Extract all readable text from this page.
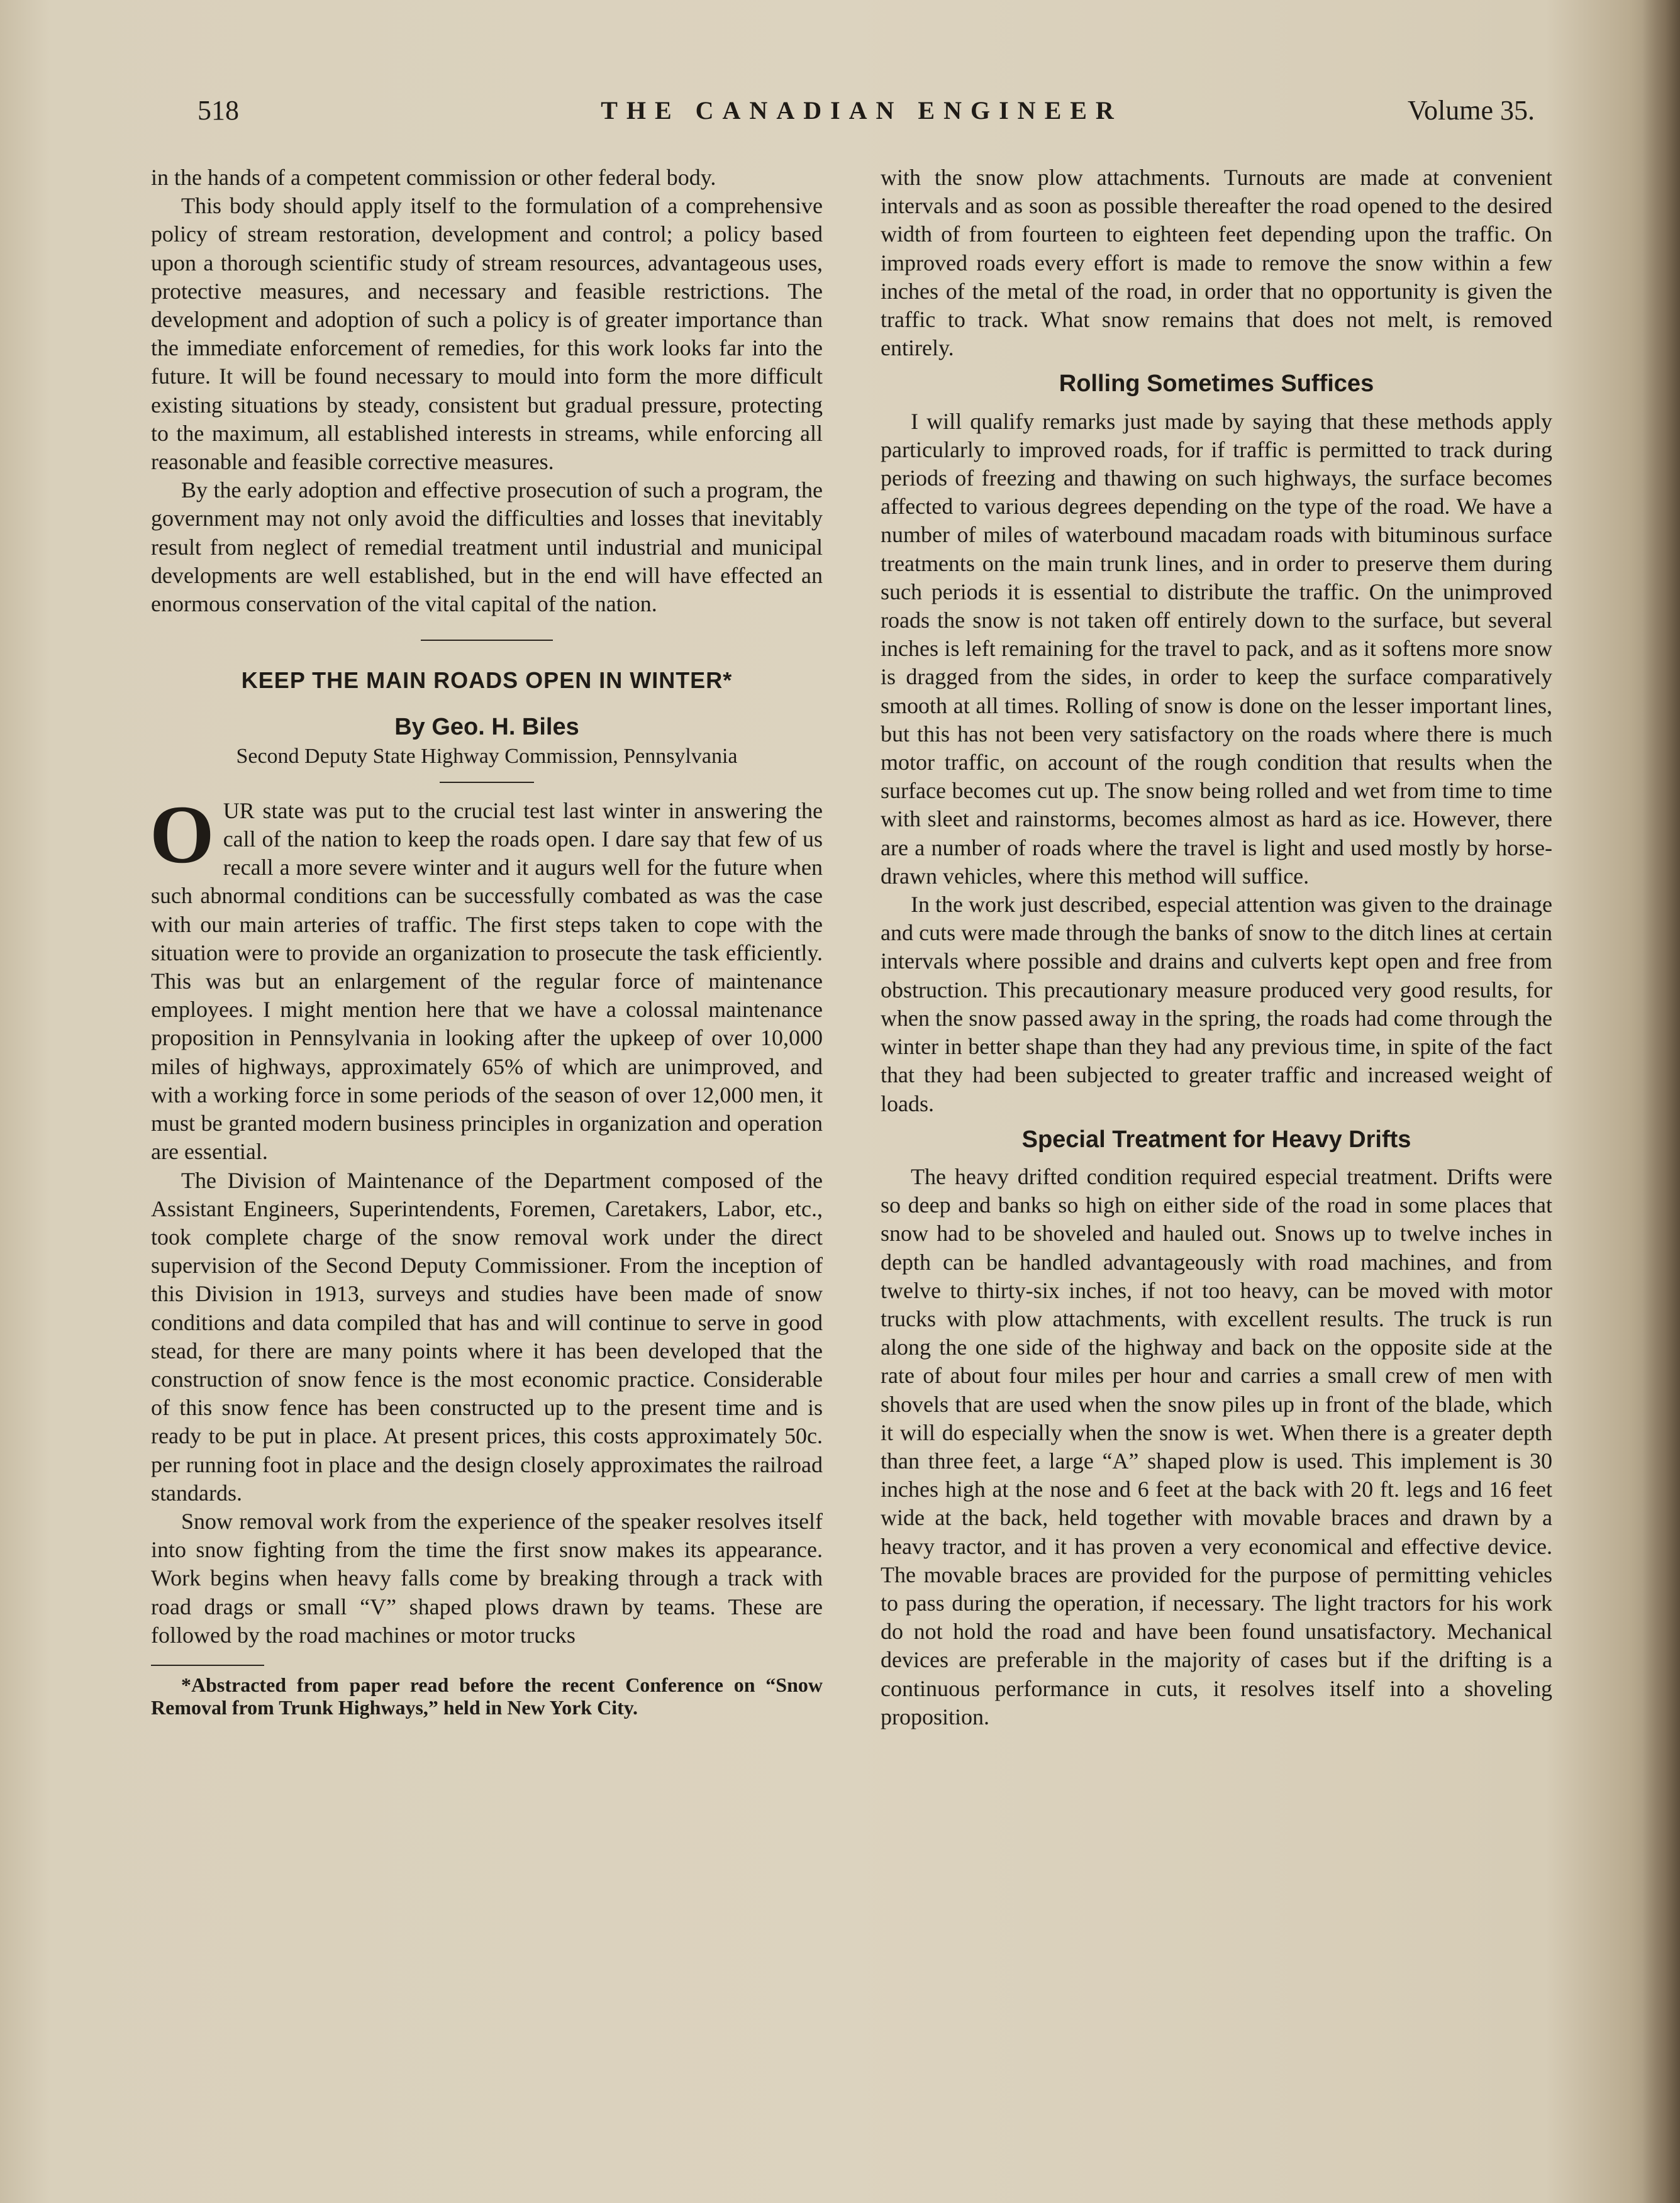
518	THE CANADIAN ENGINEER	Volume 35.

in the hands of a competent commission or other federal body.

This body should apply itself to the formulation of a comprehensive policy of stream restoration, development and control; a policy based upon a thorough scientific study of stream resources, advantageous uses, protective measures, and necessary and feasible restrictions. The development and adoption of such a policy is of greater importance than the immediate enforcement of remedies, for this work looks far into the future. It will be found necessary to mould into form the more difficult existing situations by steady, consistent but gradual pressure, protecting to the maximum, all established interests in streams, while enforcing all reasonable and feasible corrective measures.

By the early adoption and effective prosecution of such a program, the government may not only avoid the difficulties and losses that inevitably result from neglect of remedial treatment until industrial and municipal developments are well established, but in the end will have effected an enormous conservation of the vital capital of the nation.

KEEP THE MAIN ROADS OPEN IN WINTER*
By Geo. H. Biles
Second Deputy State Highway Commission, Pennsylvania

OUR state was put to the crucial test last winter in answering the call of the nation to keep the roads open. I dare say that few of us recall a more severe winter and it augurs well for the future when such abnormal conditions can be successfully combated as was the case with our main arteries of traffic. The first steps taken to cope with the situation were to provide an organization to prosecute the task efficiently. This was but an enlargement of the regular force of maintenance employees. I might mention here that we have a colossal maintenance proposition in Pennsylvania in looking after the upkeep of over 10,000 miles of highways, approximately 65% of which are unimproved, and with a working force in some periods of the season of over 12,000 men, it must be granted modern business principles in organization and operation are essential.

The Division of Maintenance of the Department composed of the Assistant Engineers, Superintendents, Foremen, Caretakers, Labor, etc., took complete charge of the snow removal work under the direct supervision of the Second Deputy Commissioner. From the inception of this Division in 1913, surveys and studies have been made of snow conditions and data compiled that has and will continue to serve in good stead, for there are many points where it has been developed that the construction of snow fence is the most economic practice. Considerable of this snow fence has been constructed up to the present time and is ready to be put in place. At present prices, this costs approximately 50c. per running foot in place and the design closely approximates the railroad standards.

Snow removal work from the experience of the speaker resolves itself into snow fighting from the time the first snow makes its appearance. Work begins when heavy falls come by breaking through a track with road drags or small “V” shaped plows drawn by teams. These are followed by the road machines or motor trucks

*Abstracted from paper read before the recent Conference on “Snow Removal from Trunk Highways,” held in New York City.

with the snow plow attachments. Turnouts are made at convenient intervals and as soon as possible thereafter the road opened to the desired width of from fourteen to eighteen feet depending upon the traffic. On improved roads every effort is made to remove the snow within a few inches of the metal of the road, in order that no opportunity is given the traffic to track. What snow remains that does not melt, is removed entirely.

Rolling Sometimes Suffices

I will qualify remarks just made by saying that these methods apply particularly to improved roads, for if traffic is permitted to track during periods of freezing and thawing on such highways, the surface becomes affected to various degrees depending on the type of the road. We have a number of miles of waterbound macadam roads with bituminous surface treatments on the main trunk lines, and in order to preserve them during such periods it is essential to distribute the traffic. On the unimproved roads the snow is not taken off entirely down to the surface, but several inches is left remaining for the travel to pack, and as it softens more snow is dragged from the sides, in order to keep the surface comparatively smooth at all times. Rolling of snow is done on the lesser important lines, but this has not been very satisfactory on the roads where there is much motor traffic, on account of the rough condition that results when the surface becomes cut up. The snow being rolled and wet from time to time with sleet and rainstorms, becomes almost as hard as ice. However, there are a number of roads where the travel is light and used mostly by horse-drawn vehicles, where this method will suffice.

In the work just described, especial attention was given to the drainage and cuts were made through the banks of snow to the ditch lines at certain intervals where possible and drains and culverts kept open and free from obstruction. This precautionary measure produced very good results, for when the snow passed away in the spring, the roads had come through the winter in better shape than they had any previous time, in spite of the fact that they had been subjected to greater traffic and increased weight of loads.

Special Treatment for Heavy Drifts

The heavy drifted condition required especial treatment. Drifts were so deep and banks so high on either side of the road in some places that snow had to be shoveled and hauled out. Snows up to twelve inches in depth can be handled advantageously with road machines, and from twelve to thirty-six inches, if not too heavy, can be moved with motor trucks with plow attachments, with excellent results. The truck is run along the one side of the highway and back on the opposite side at the rate of about four miles per hour and carries a small crew of men with shovels that are used when the snow piles up in front of the blade, which it will do especially when the snow is wet. When there is a greater depth than three feet, a large “A” shaped plow is used. This implement is 30 inches high at the nose and 6 feet at the back with 20 ft. legs and 16 feet wide at the back, held together with movable braces and drawn by a heavy tractor, and it has proven a very economical and effective device. The movable braces are provided for the purpose of permitting vehicles to pass during the operation, if necessary. The light tractors for his work do not hold the road and have been found unsatisfactory. Mechanical devices are preferable in the majority of cases but if the drifting is a continuous performance in cuts, it resolves itself into a shoveling proposition.
